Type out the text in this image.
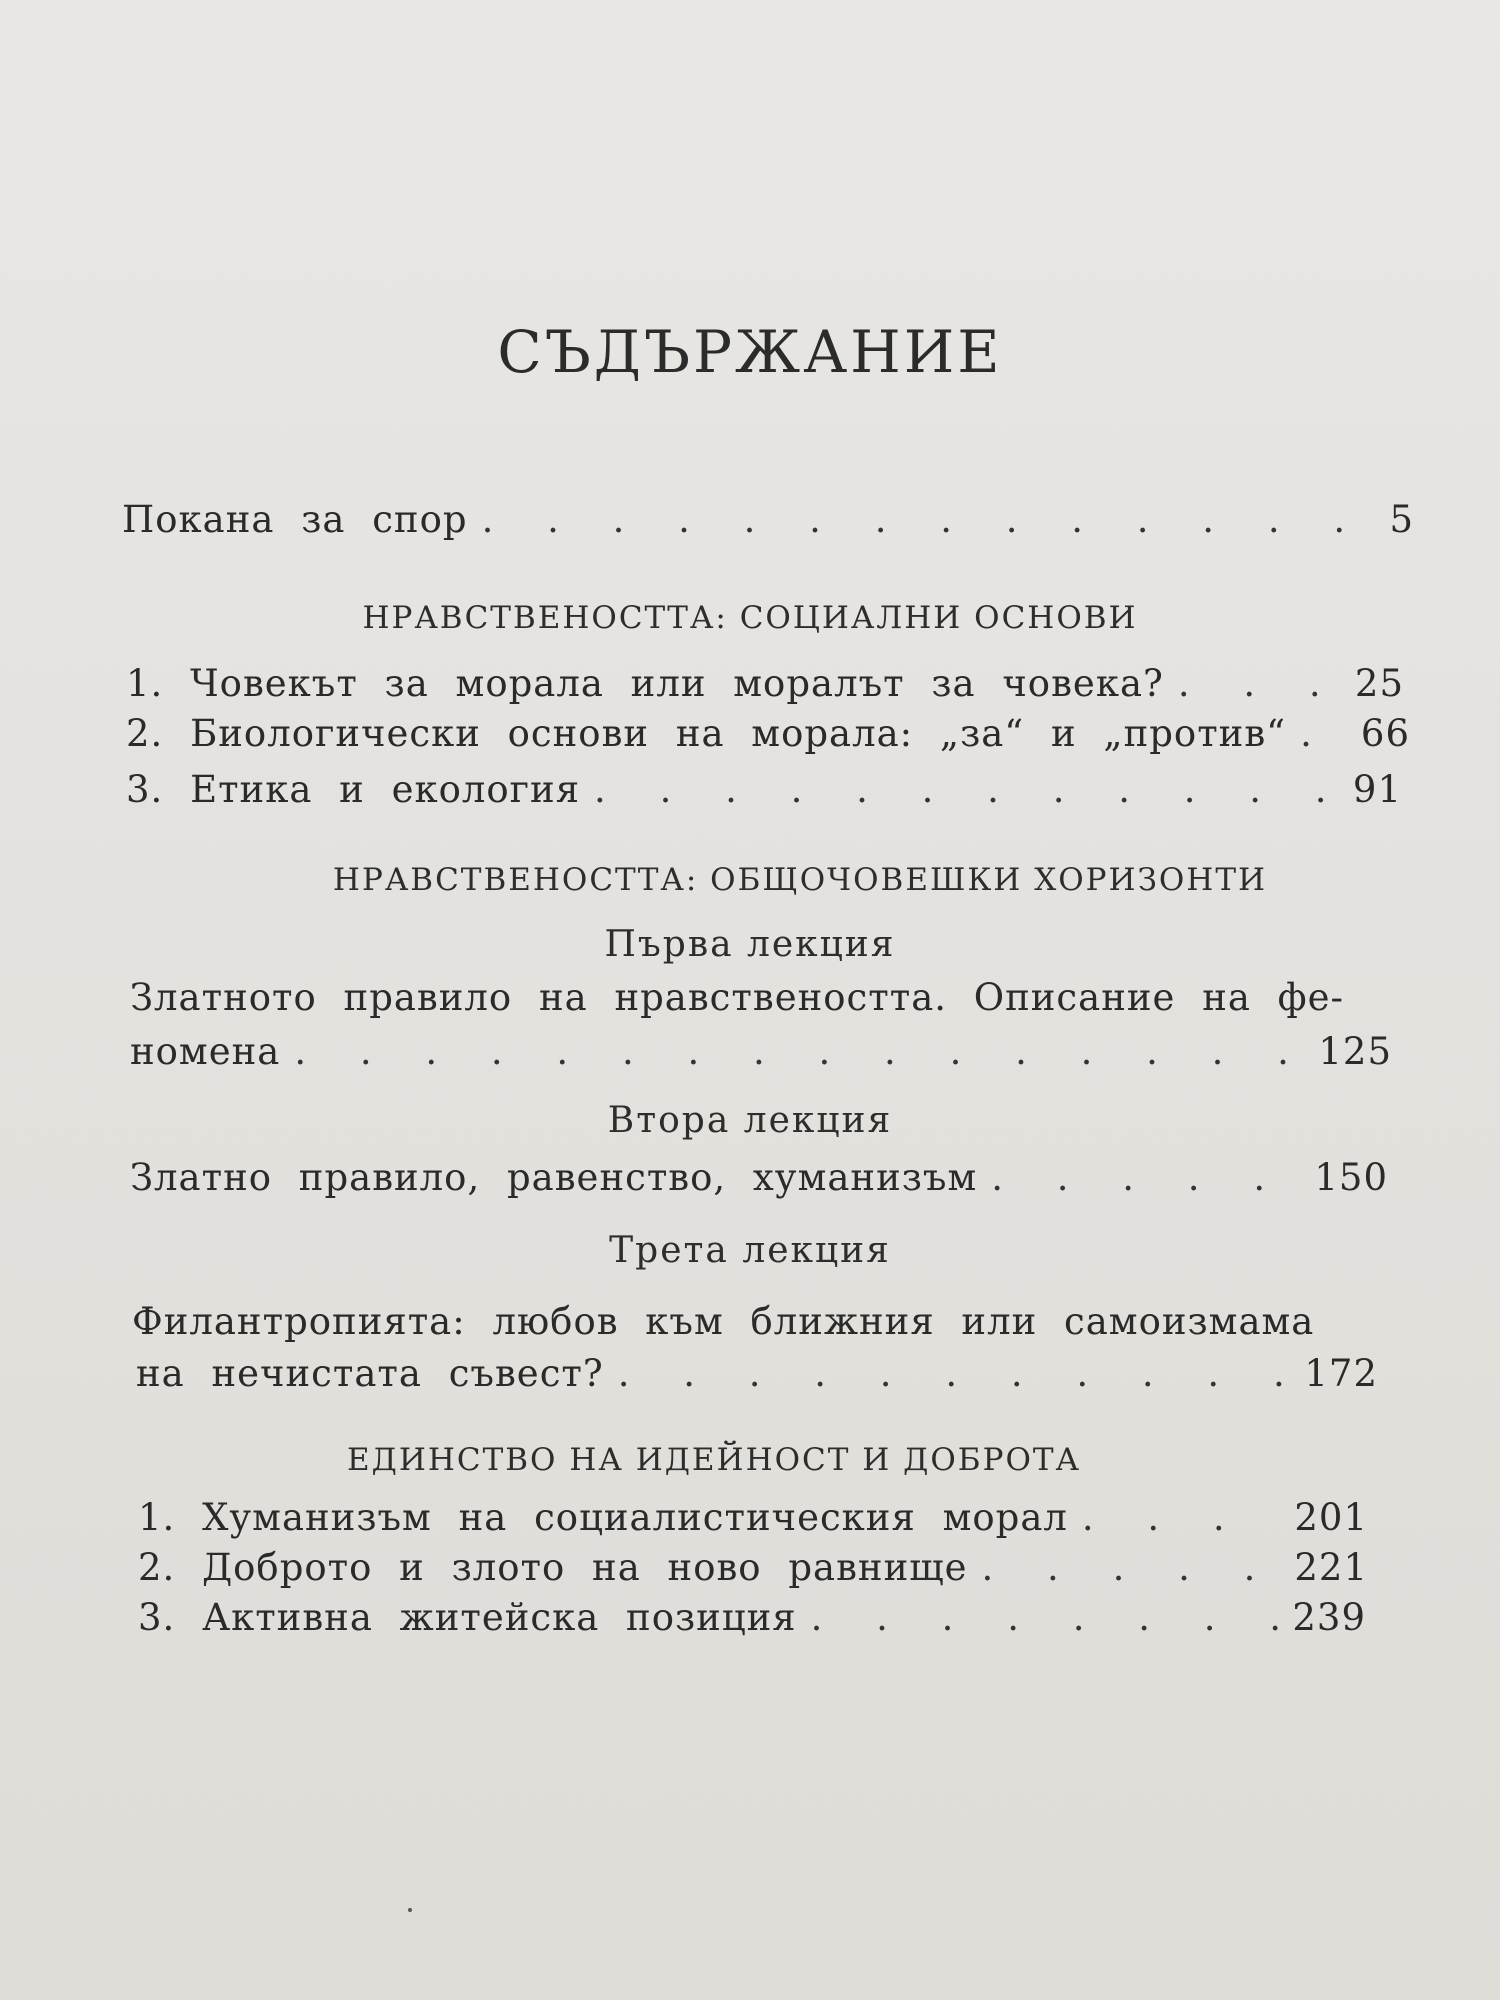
СЪДЪРЖАНИЕ
Покана за спор . . .	5
НРАВСТВЕНОСТТА: СОЦИАЛНИ ОСНОВИ
1. Човекът за морала или моралът за човека? . . .	25
2. Биологически основи на морала: „за“ и „против“ . . . 66
3. Етика и екология . . .	91
НРАВСТВЕНОСТТА: ОБЩОЧОВЕШКИ ХОРИЗОНТИ
Първа лекция
Златното правило на нравствеността. Описание на фе-
номена . . .	125
Втора лекция
Златно правило, равенство, хуманизъм . . .	150
Трета лекция
Филантропията: любов към ближния или самоизмама
на нечистата съвест? . . .	172
ЕДИНСТВО НА ИДЕЙНОСТ И ДОБРОТА
1. Хуманизъм на социалистическия морал . . .	201
2. Доброто и злото на ново равнище . . .	221
3. Активна житейска позиция . . .	239
